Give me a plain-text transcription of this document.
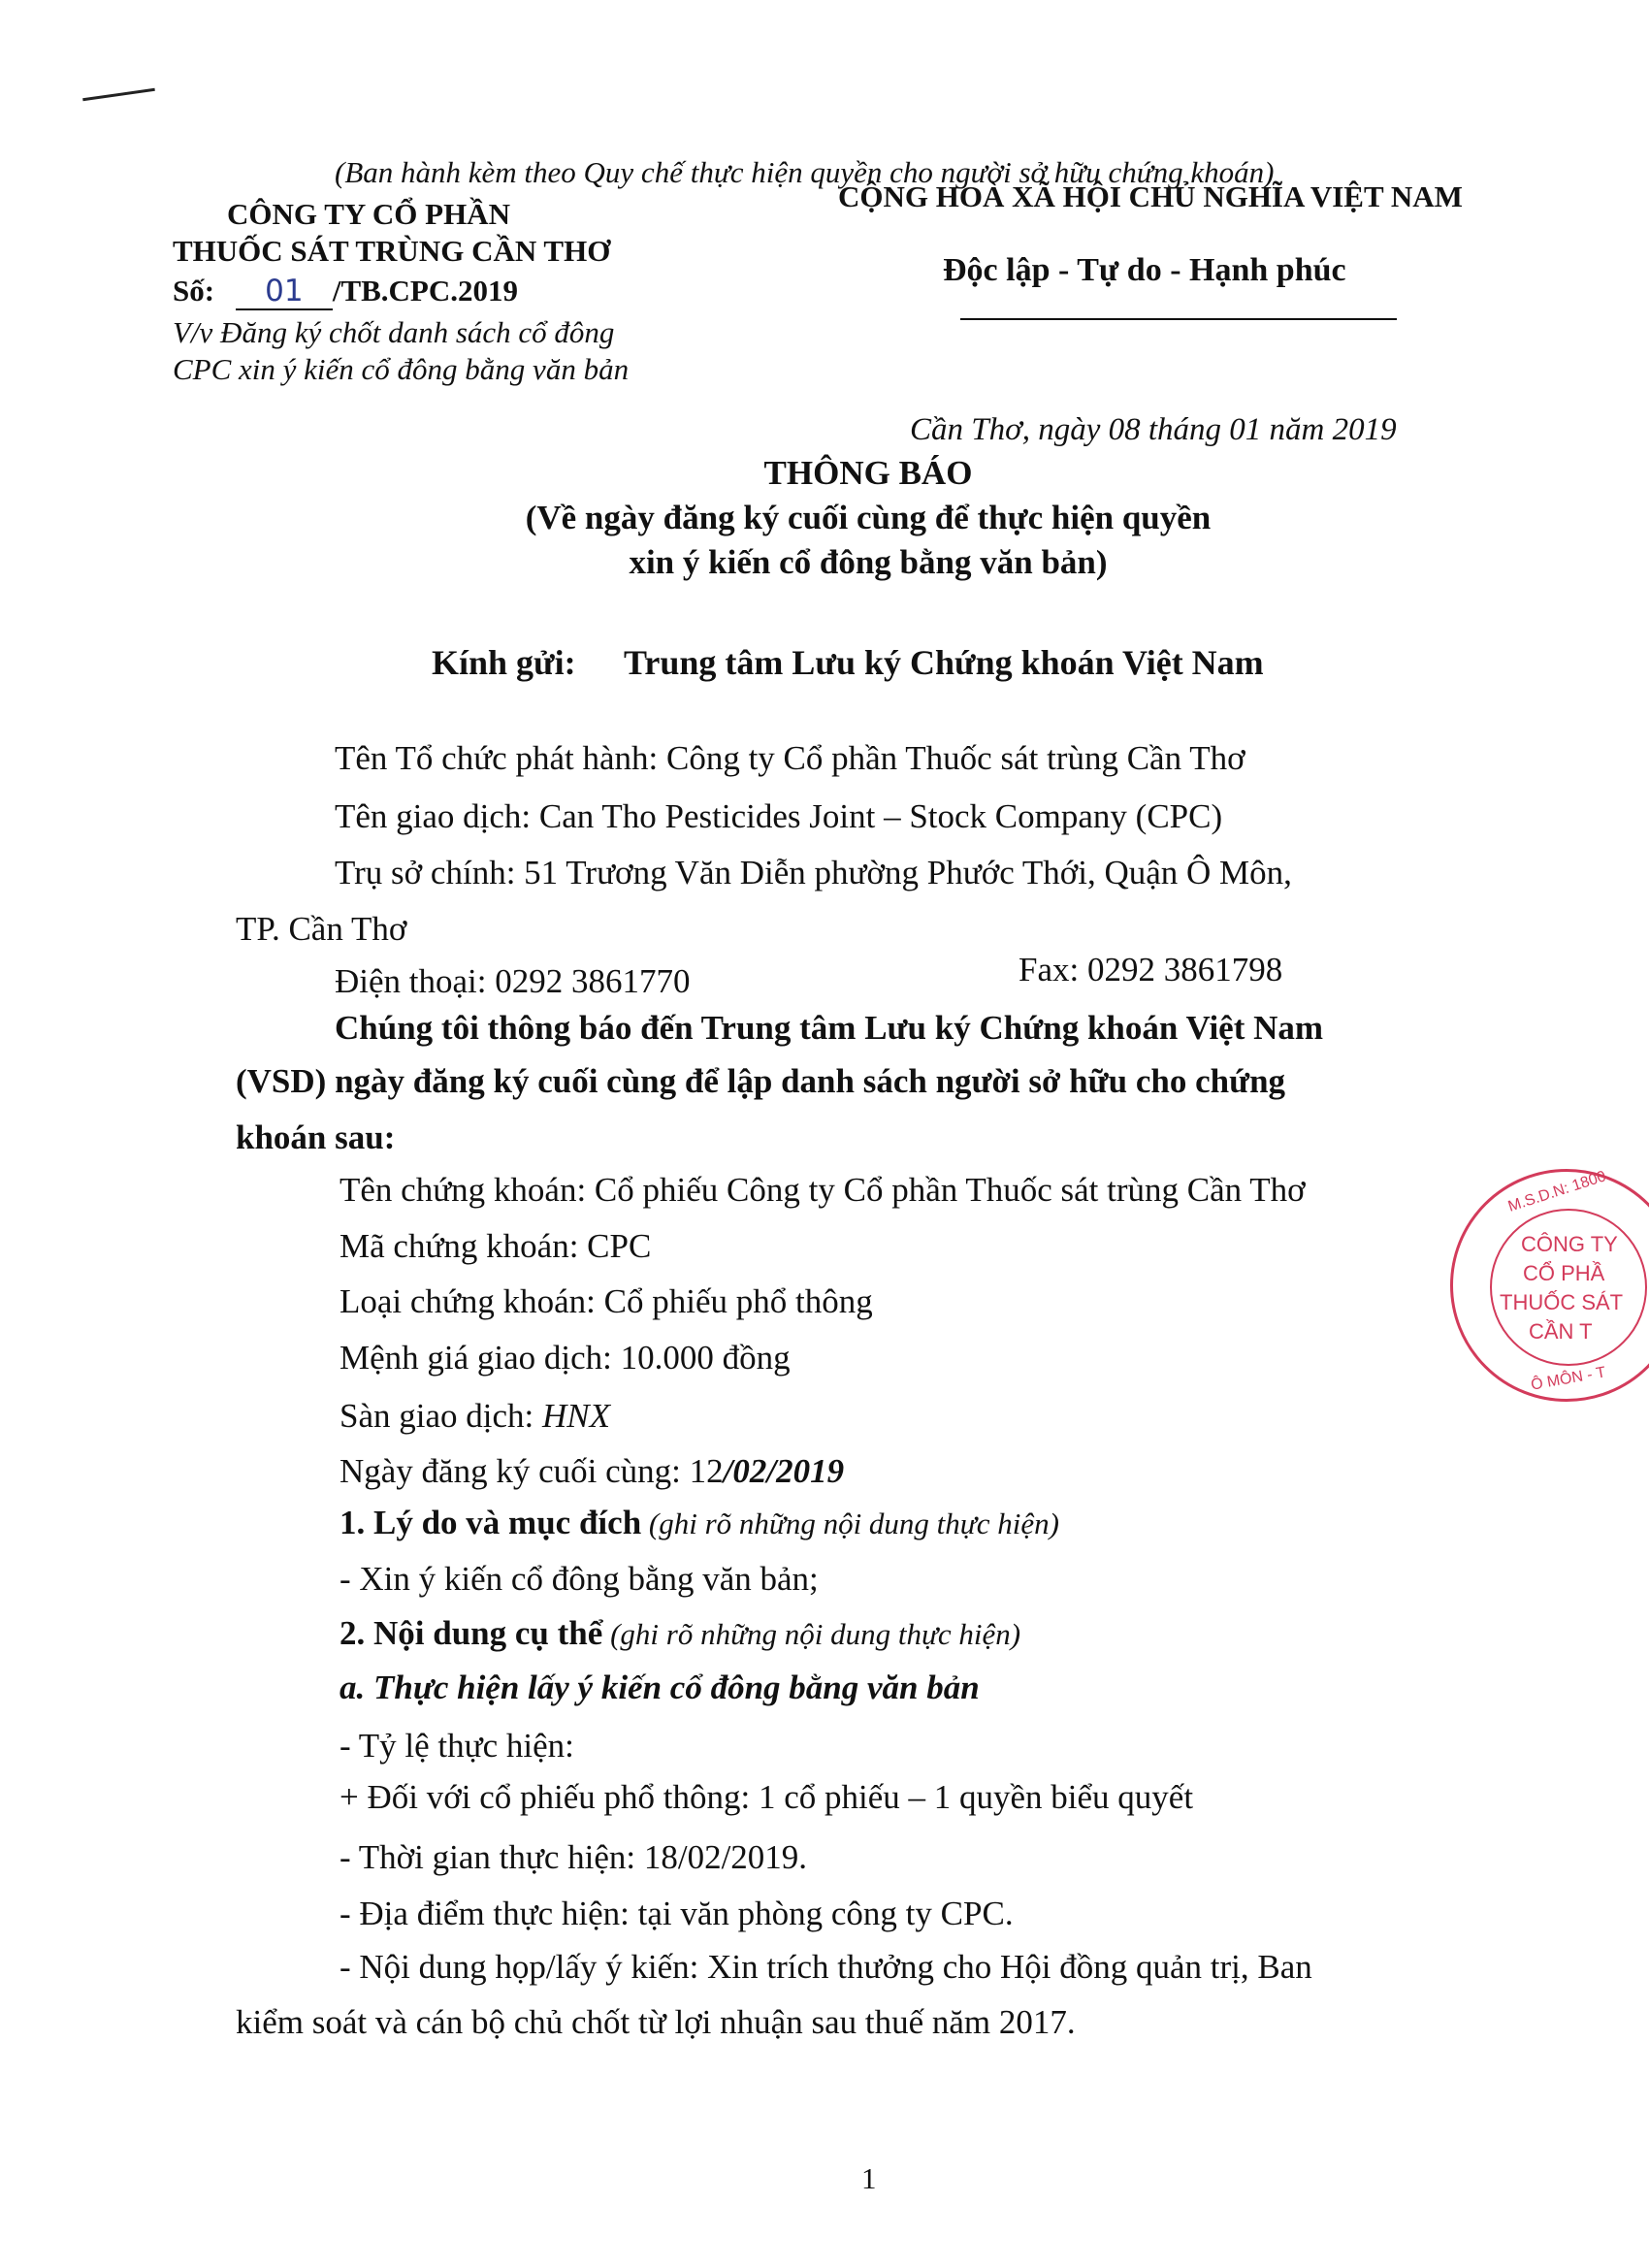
(Ban hành kèm theo Quy chế thực hiện quyền cho người sở hữu chứng khoán)
CÔNG TY CỔ PHẦN
THUỐC SÁT TRÙNG CẦN THƠ
Số: 01 /TB.CPC.2019
V/v Đăng ký chốt danh sách cổ đông
CPC xin ý kiến cổ đông bằng văn bản
CỘNG HOÀ XÃ HỘI CHỦ NGHĨA VIỆT NAM
Độc lập - Tự do - Hạnh phúc
Cần Thơ, ngày 08 tháng 01 năm 2019
THÔNG BÁO
(Về ngày đăng ký cuối cùng để thực hiện quyền
xin ý kiến cổ đông bằng văn bản)
Kính gửi: Trung tâm Lưu ký Chứng khoán Việt Nam
Tên Tổ chức phát hành: Công ty Cổ phần Thuốc sát trùng Cần Thơ
Tên giao dịch: Can Tho Pesticides Joint – Stock Company (CPC)
Trụ sở chính: 51 Trương Văn Diễn phường Phước Thới, Quận Ô Môn,
TP. Cần Thơ
Điện thoại: 0292 3861770	Fax: 0292 3861798
Chúng tôi thông báo đến Trung tâm Lưu ký Chứng khoán Việt Nam
(VSD) ngày đăng ký cuối cùng để lập danh sách người sở hữu cho chứng
khoán sau:
Tên chứng khoán: Cổ phiếu Công ty Cổ phần Thuốc sát trùng Cần Thơ
Mã chứng khoán: CPC
Loại chứng khoán: Cổ phiếu phổ thông
Mệnh giá giao dịch: 10.000 đồng
Sàn giao dịch: HNX
Ngày đăng ký cuối cùng: 12/02/2019
M.S.D.N: 1800
CÔNG TY
CỔ PHẦ
THUỐC SÁT
CẦN T
Ô MÔN - T
1. Lý do và mục đích (ghi rõ những nội dung thực hiện)
- Xin ý kiến cổ đông bằng văn bản;
2. Nội dung cụ thể (ghi rõ những nội dung thực hiện)
a. Thực hiện lấy ý kiến cổ đông bằng văn bản
- Tỷ lệ thực hiện:
+ Đối với cổ phiếu phổ thông: 1 cổ phiếu – 1 quyền biểu quyết
- Thời gian thực hiện: 18/02/2019.
- Địa điểm thực hiện: tại văn phòng công ty CPC.
- Nội dung họp/lấy ý kiến: Xin trích thưởng cho Hội đồng quản trị, Ban
kiểm soát và cán bộ chủ chốt từ lợi nhuận sau thuế năm 2017.
1
